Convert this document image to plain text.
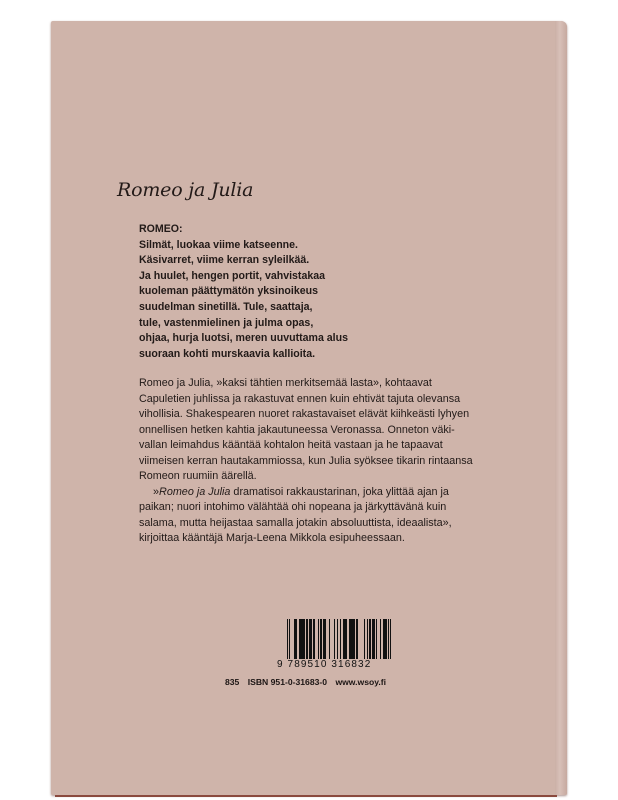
Romeo ja Julia
ROMEO:
Silmät, luokaa viime katseenne.
Käsivarret, viime kerran syleilkää.
Ja huulet, hengen portit, vahvistakaa
kuoleman päättymätön yksinoikeus
suudelman sinetillä. Tule, saattaja,
tule, vastenmielinen ja julma opas,
ohjaa, hurja luotsi, meren uuvuttama alus
suoraan kohti murskaavia kallioita.
Romeo ja Julia, »kaksi tähtien merkitsemää lasta», kohtaavat
Capuletien juhlissa ja rakastuvat ennen kuin ehtivät tajuta olevansa
vihollisia. Shakespearen nuoret rakastavaiset elävät kiihkeästi lyhyen
onnellisen hetken kahtia jakautuneessa Veronassa. Onneton väki-
vallan leimahdus kääntää kohtalon heitä vastaan ja he tapaavat
viimeisen kerran hautakammiossa, kun Julia syöksee tikarin rintaansa
Romeon ruumiin äärellä.
»Romeo ja Julia dramatisoi rakkaustarinan, joka ylittää ajan ja
paikan; nuori intohimo välähtää ohi nopeana ja järkyttävänä kuin
salama, mutta heijastaa samalla jotakin absoluuttista, ideaalista»,
kirjoittaa kääntäjä Marja-Leena Mikkola esipuheessaan.
9 789510 316832
835 ISBN 951-0-31683-0 www.wsoy.fi
